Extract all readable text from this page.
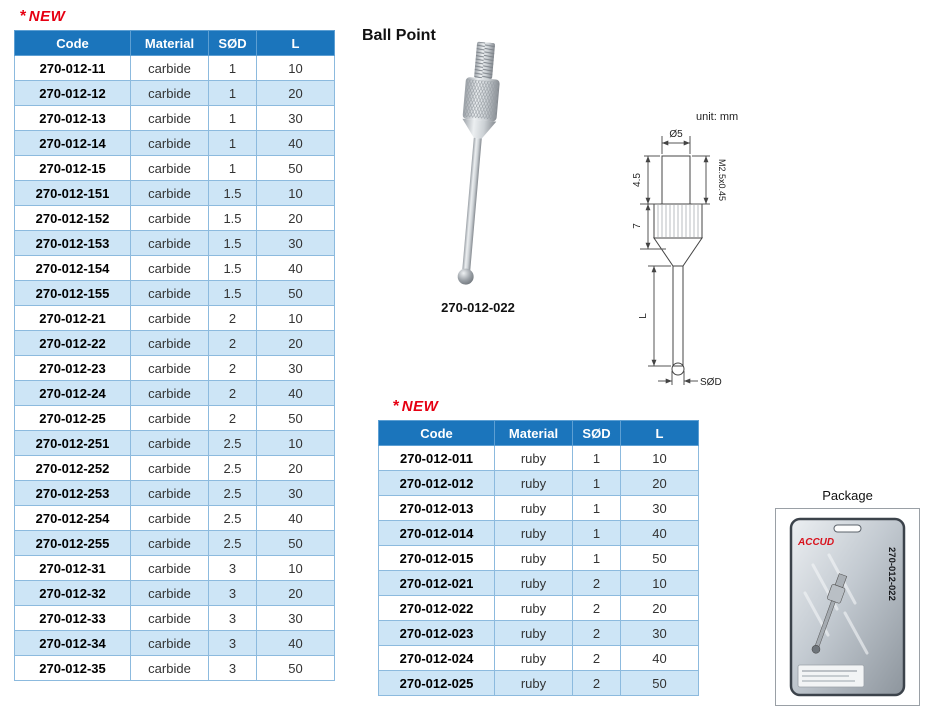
* NEW
Code	Material	SØD	L
270-012-11	carbide	1	10
270-012-12	carbide	1	20
270-012-13	carbide	1	30
270-012-14	carbide	1	40
270-012-15	carbide	1	50
270-012-151	carbide	1.5	10
270-012-152	carbide	1.5	20
270-012-153	carbide	1.5	30
270-012-154	carbide	1.5	40
270-012-155	carbide	1.5	50
270-012-21	carbide	2	10
270-012-22	carbide	2	20
270-012-23	carbide	2	30
270-012-24	carbide	2	40
270-012-25	carbide	2	50
270-012-251	carbide	2.5	10
270-012-252	carbide	2.5	20
270-012-253	carbide	2.5	30
270-012-254	carbide	2.5	40
270-012-255	carbide	2.5	50
270-012-31	carbide	3	10
270-012-32	carbide	3	20
270-012-33	carbide	3	30
270-012-34	carbide	3	40
270-012-35	carbide	3	50
Ball Point
270-012-022
unit: mm
Ø5
4.5	M2.5x0.45
7
L
SØD
* NEW
Code	Material	SØD	L
270-012-011	ruby	1	10
270-012-012	ruby	1	20
270-012-013	ruby	1	30
270-012-014	ruby	1	40
270-012-015	ruby	1	50
270-012-021	ruby	2	10
270-012-022	ruby	2	20
270-012-023	ruby	2	30
270-012-024	ruby	2	40
270-012-025	ruby	2	50
Package
ACCUD
270-012-022
